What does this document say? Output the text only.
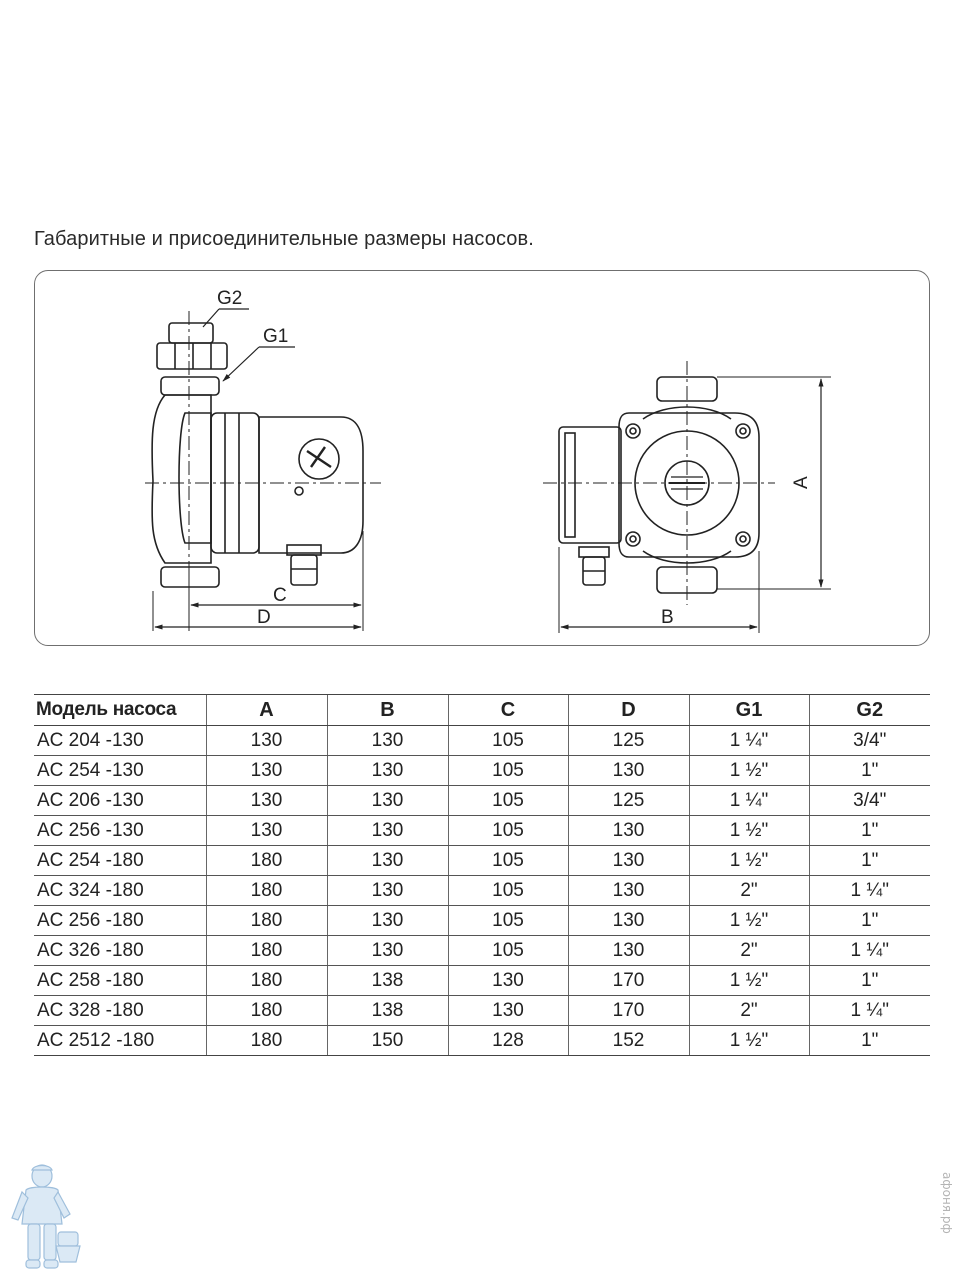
Габаритные и присоединительные размеры насосов.
G2
G1
C
D
A
B
Модель насоса	A	B	C	D	G1	G2
AC 204 -130	130	130	105	125	1 ¼"	3/4"
AC 254 -130	130	130	105	130	1 ½"	1"
AC 206 -130	130	130	105	125	1 ¼"	3/4"
AC 256 -130	130	130	105	130	1 ½"	1"
AC 254 -180	180	130	105	130	1 ½"	1"
AC 324 -180	180	130	105	130	2"	1 ¼"
AC 256 -180	180	130	105	130	1 ½"	1"
AC 326 -180	180	130	105	130	2"	1 ¼"
AC 258 -180	180	138	130	170	1 ½"	1"
AC 328 -180	180	138	130	170	2"	1 ¼"
AC 2512 -180	180	150	128	152	1 ½"	1"
афоня.рф
